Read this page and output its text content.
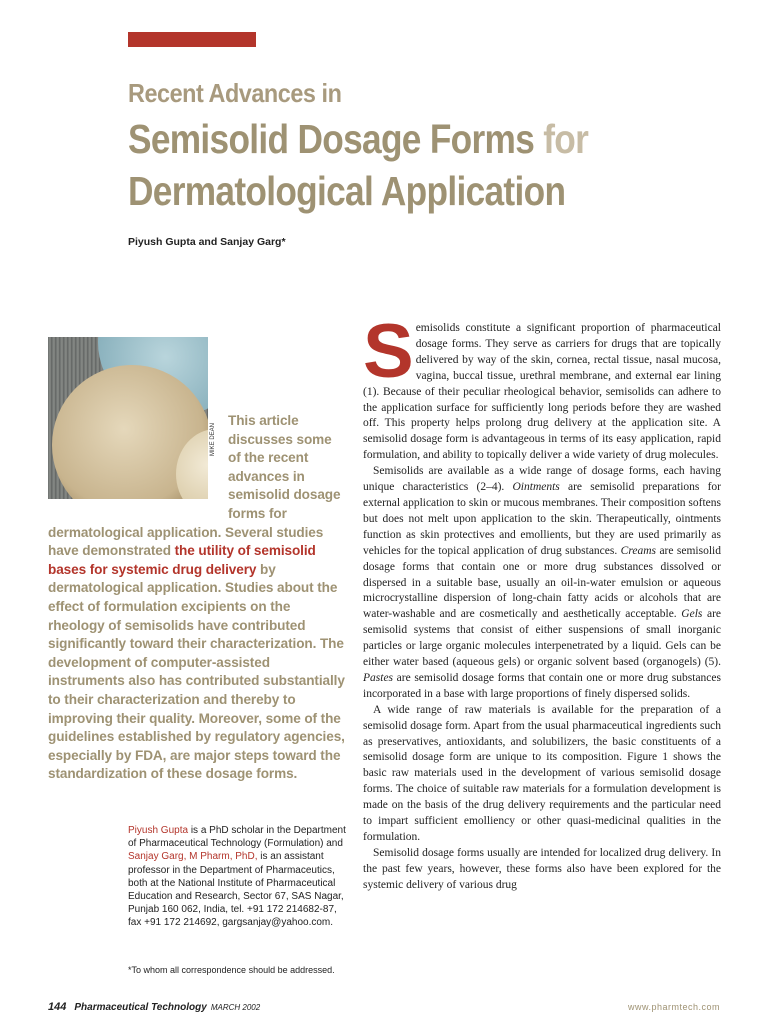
Recent Advances in
Semisolid Dosage Forms for
Dermatological Application
Piyush Gupta and Sanjay Garg*
MIKE DEAN
This article discusses some of the recent advances in semisolid dosage forms for dermatological application. Several studies have demonstrated the utility of semisolid bases for systemic drug delivery by dermatological application. Studies about the effect of formulation excipients on the rheology of semisolids have contributed significantly toward their characterization. The development of computer-assisted instruments also has contributed substantially to their characterization and thereby to improving their quality. Moreover, some of the guidelines established by regulatory agencies, especially by FDA, are major steps toward the standardization of these dosage forms.
Piyush Gupta is a PhD scholar in the Department of Pharmaceutical Technology (Formulation) and Sanjay Garg, M Pharm, PhD, is an assistant professor in the Department of Pharmaceutics, both at the National Institute of Pharmaceutical Education and Research, Sector 67, SAS Nagar, Punjab 160 062, India, tel. +91 172 214682-87, fax +91 172 214692, gargsanjay@yahoo.com.
*To whom all correspondence should be addressed.

Semisolids constitute a significant proportion of pharmaceutical dosage forms. They serve as carriers for drugs that are topically delivered by way of the skin, cornea, rectal tissue, nasal mucosa, vagina, buccal tissue, urethral membrane, and external ear lining (1). Because of their peculiar rheological behavior, semisolids can adhere to the application surface for sufficiently long periods before they are washed off. This property helps prolong drug delivery at the application site. A semisolid dosage form is advantageous in terms of its easy application, rapid formulation, and ability to topically deliver a wide variety of drug molecules.

Semisolids are available as a wide range of dosage forms, each having unique characteristics (2–4). Ointments are semisolid preparations for external application to skin or mucous membranes. Their composition softens but does not melt upon application to the skin. Therapeutically, ointments function as skin protectives and emollients, but they are used primarily as vehicles for the topical application of drug substances. Creams are semisolid dosage forms that contain one or more drug substances dissolved or dispersed in a suitable base, usually an oil-in-water emulsion or aqueous microcrystalline dispersion of long-chain fatty acids or alcohols that are water-washable and are cosmetically and aesthetically acceptable. Gels are semisolid systems that consist of either suspensions of small inorganic particles or large organic molecules interpenetrated by a liquid. Gels can be either water based (aqueous gels) or organic solvent based (organogels) (5). Pastes are semisolid dosage forms that contain one or more drug substances incorporated in a base with large proportions of finely dispersed solids.

A wide range of raw materials is available for the preparation of a semisolid dosage form. Apart from the usual pharmaceutical ingredients such as preservatives, antioxidants, and solubilizers, the basic constituents of a semisolid dosage form are unique to its composition. Figure 1 shows the basic raw materials used in the development of various semisolid dosage forms. The choice of suitable raw materials for a formulation development is made on the basis of the drug delivery requirements and the particular need to impart sufficient emolliency or other quasi-medicinal qualities in the formulation.

Semisolid dosage forms usually are intended for localized drug delivery. In the past few years, however, these forms also have been explored for the systemic delivery of various drug

144 Pharmaceutical Technology MARCH 2002	www.pharmtech.com
